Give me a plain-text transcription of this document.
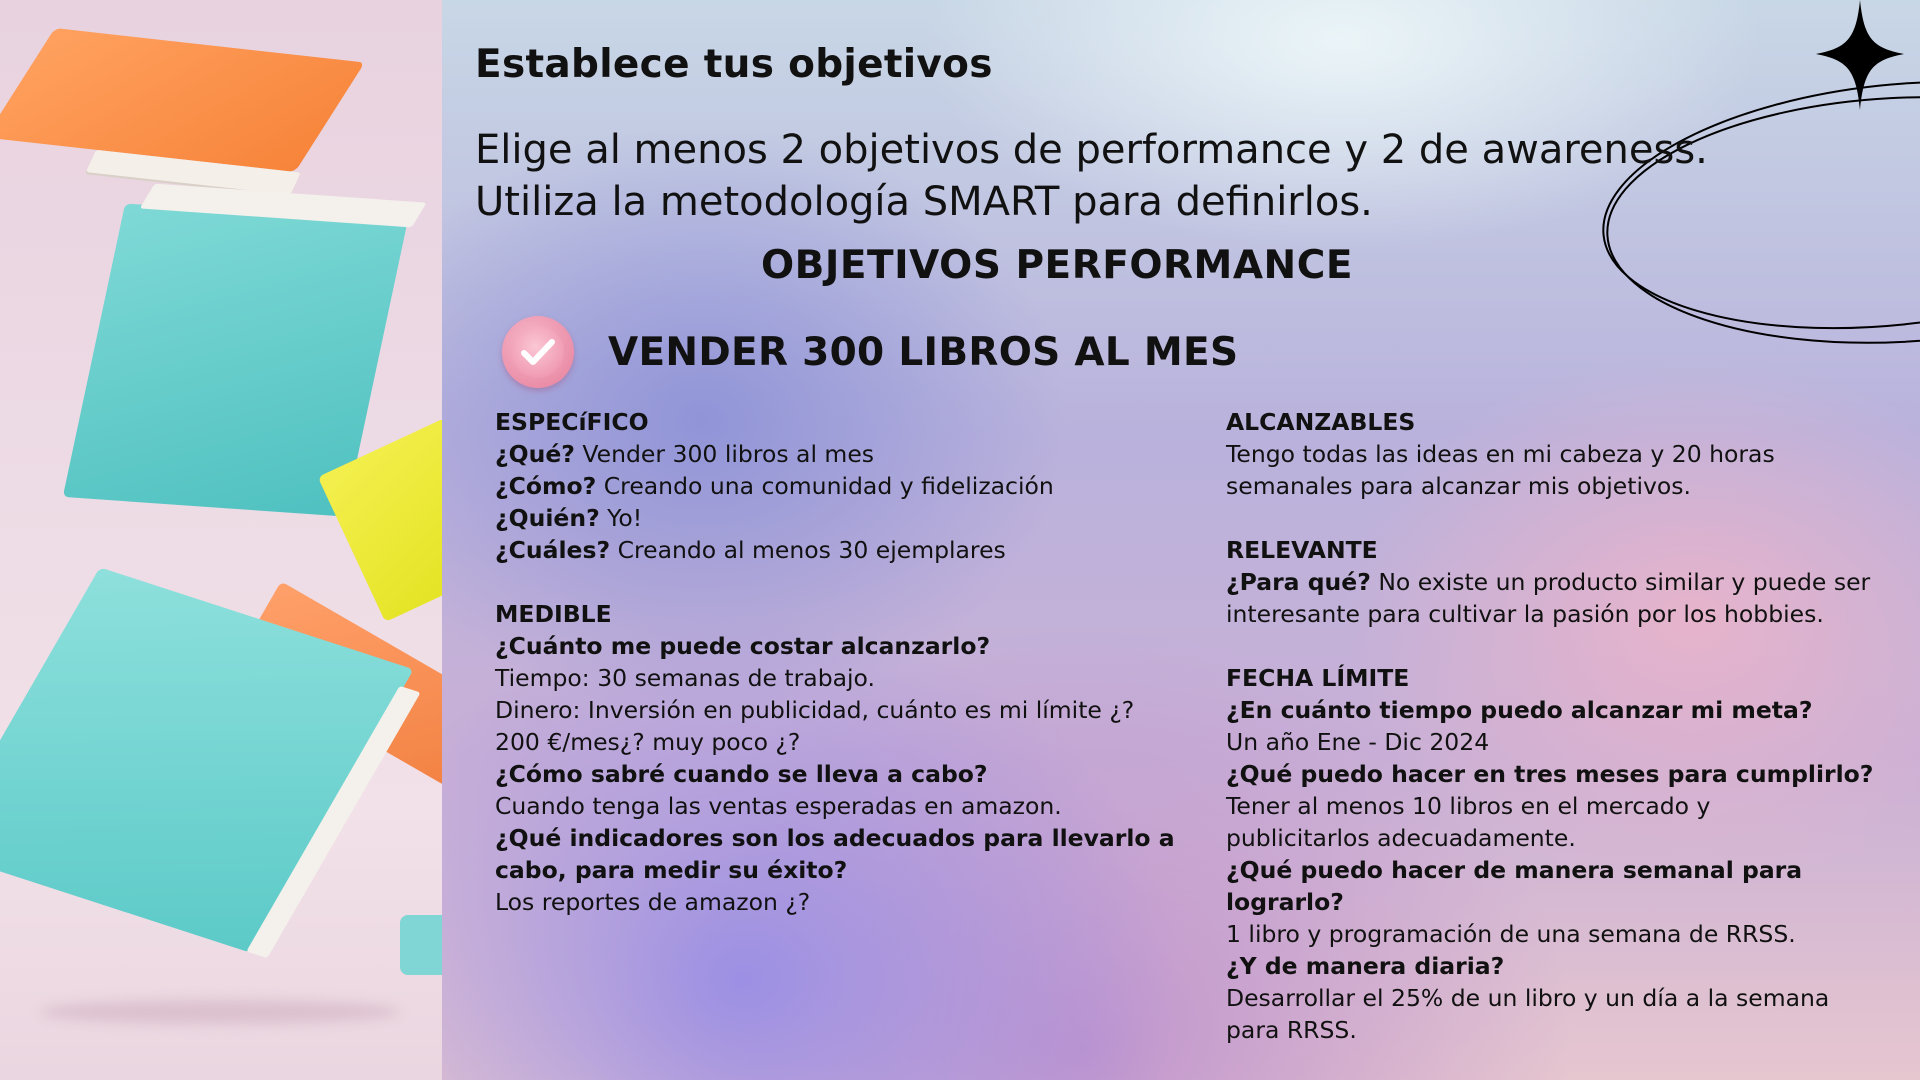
Establece tus objetivos
Elige al menos 2 objetivos de performance y 2 de awareness.
Utiliza la metodología SMART para definirlos.
OBJETIVOS PERFORMANCE
VENDER 300 LIBROS AL MES
ESPECíFICO
¿Qué? Vender 300 libros al mes
¿Cómo? Creando una comunidad y fidelización
¿Quién? Yo!
¿Cuáles? Creando al menos 30 ejemplares
MEDIBLE
¿Cuánto me puede costar alcanzarlo?
Tiempo: 30 semanas de trabajo.
Dinero: Inversión en publicidad, cuánto es mi límite ¿?
200 €/mes¿? muy poco ¿?
¿Cómo sabré cuando se lleva a cabo?
Cuando tenga las ventas esperadas en amazon.
¿Qué indicadores son los adecuados para llevarlo a cabo, para medir su éxito?
Los reportes de amazon ¿?
ALCANZABLES
Tengo todas las ideas en mi cabeza y 20 horas semanales para alcanzar mis objetivos.
RELEVANTE
¿Para qué? No existe un producto similar y puede ser interesante para cultivar la pasión por los hobbies.
FECHA LÍMITE
¿En cuánto tiempo puedo alcanzar mi meta?
Un año Ene - Dic 2024
¿Qué puedo hacer en tres meses para cumplirlo?
Tener al menos 10 libros en el mercado y publicitarlos adecuadamente.
¿Qué puedo hacer de manera semanal para lograrlo?
1 libro y programación de una semana de RRSS.
¿Y de manera diaria?
Desarrollar el 25% de un libro y un día a la semana para RRSS.
